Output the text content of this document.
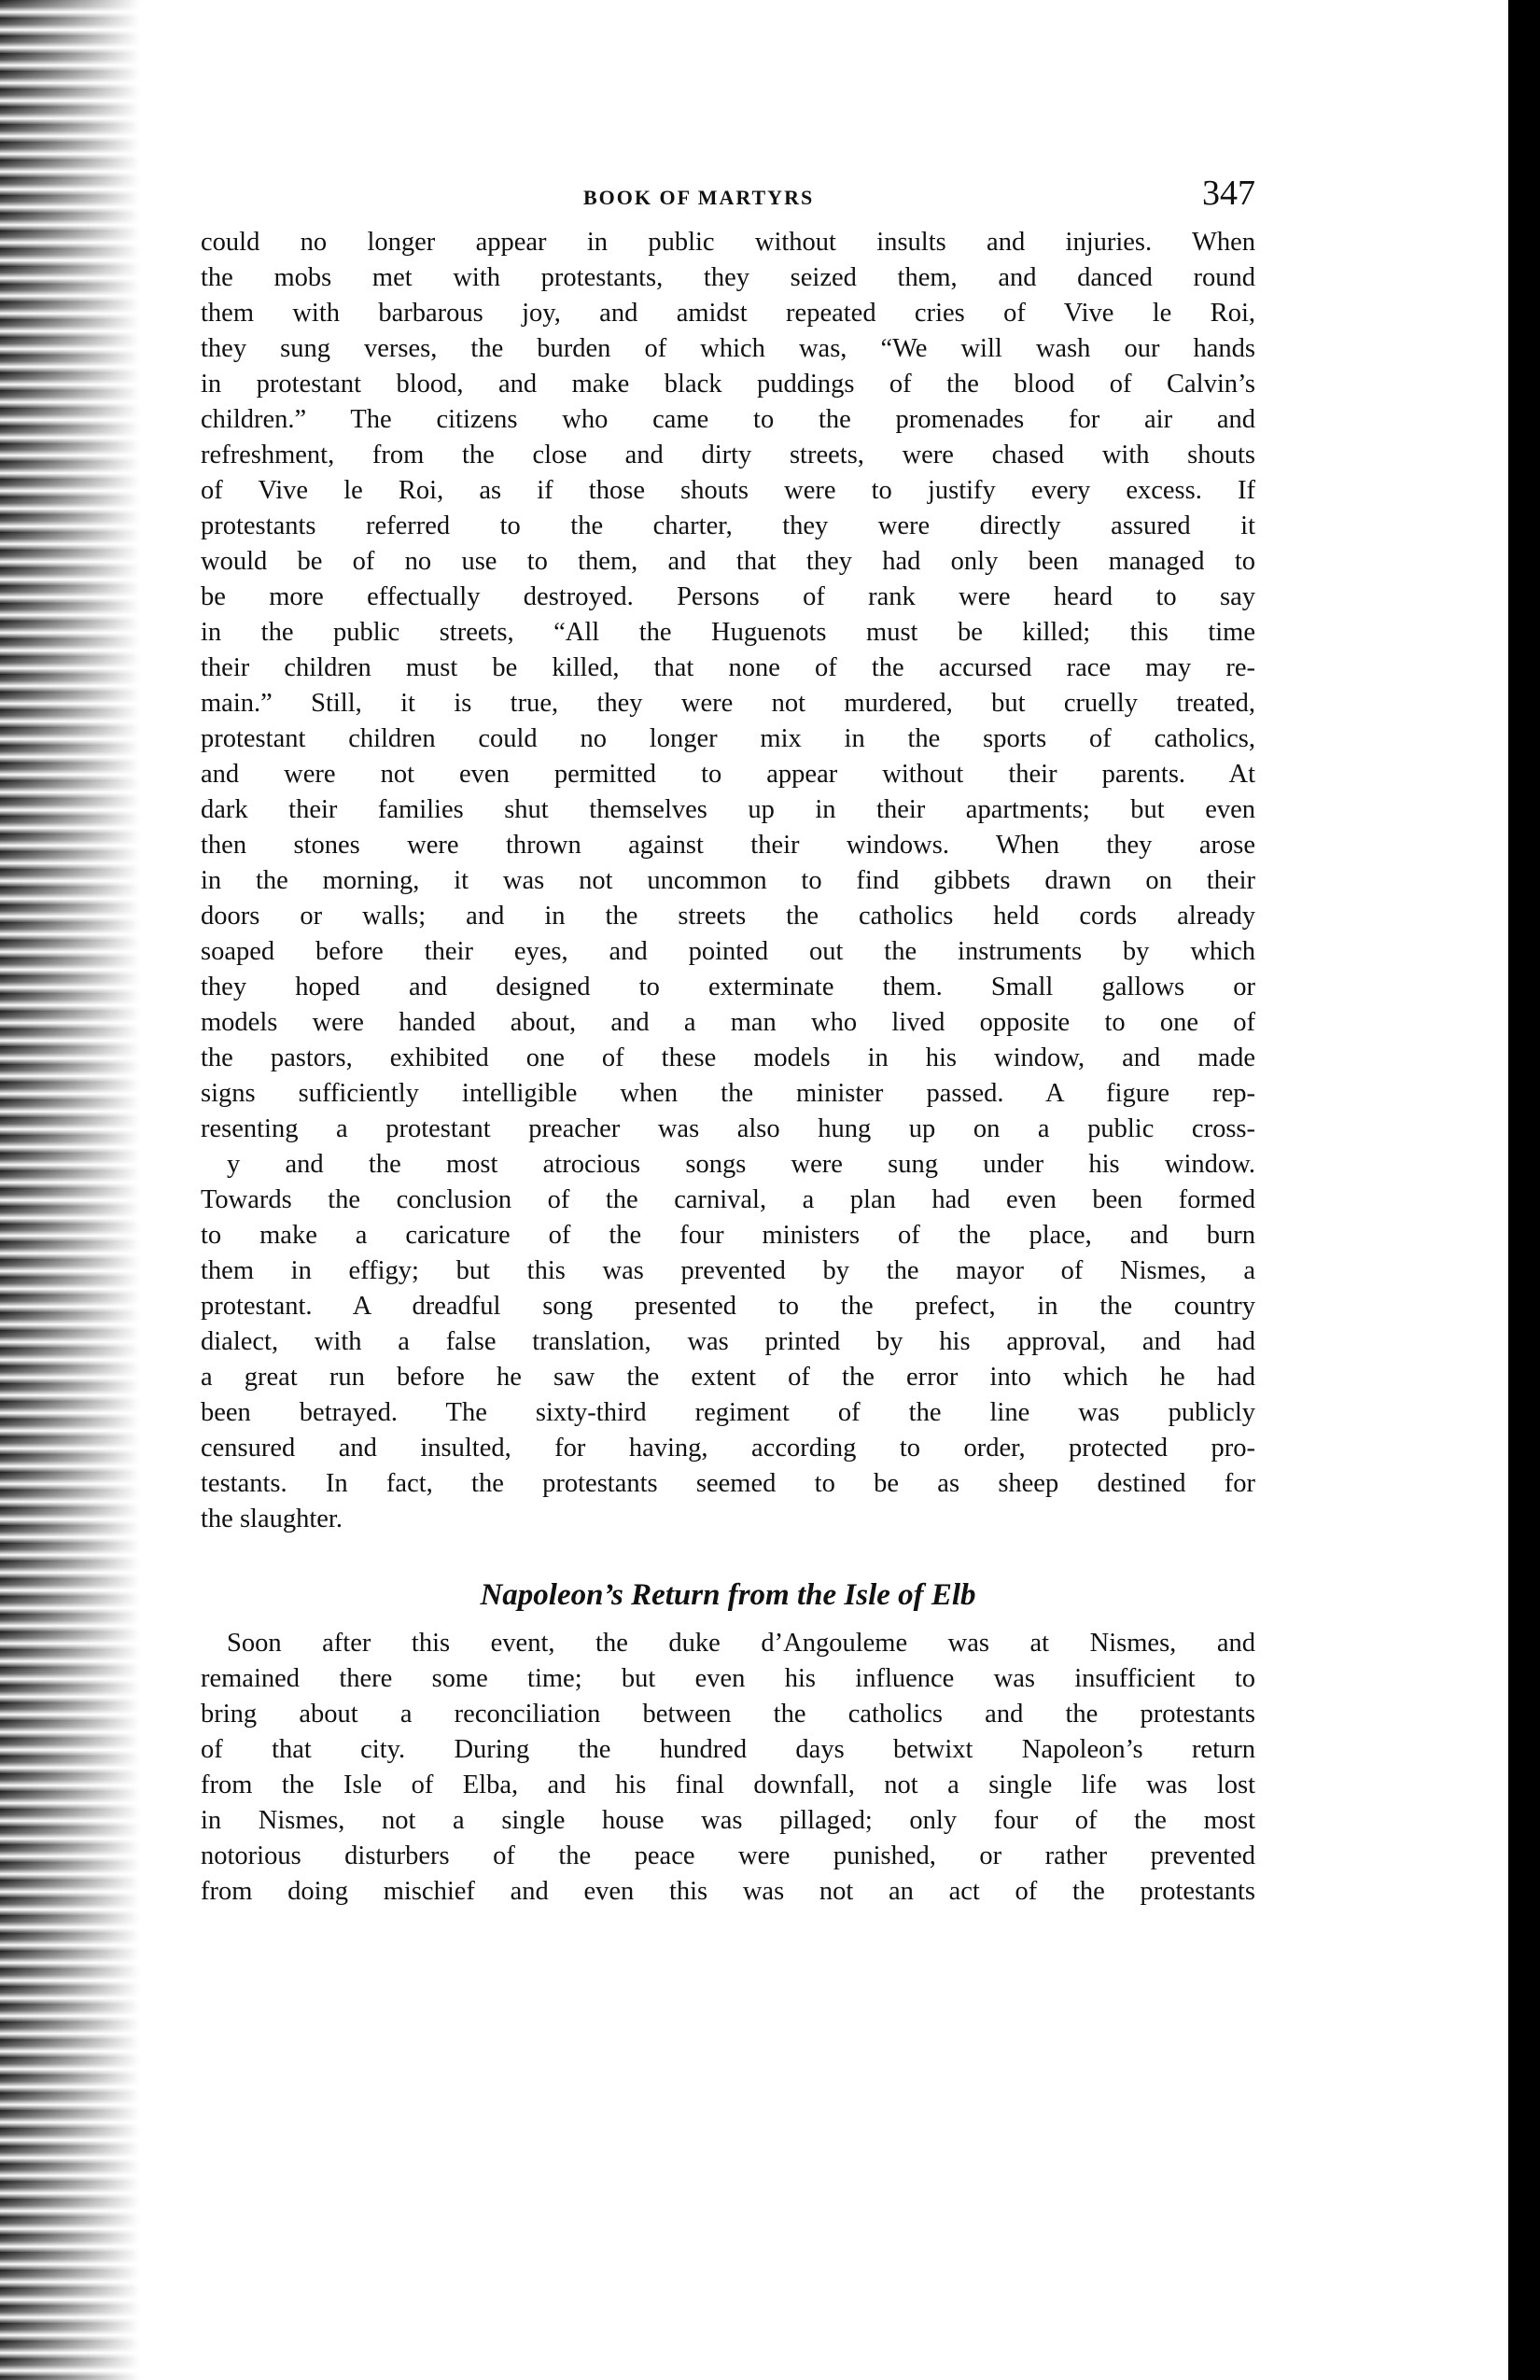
BOOK OF MARTYRS	347
could no longer appear in public without insults and injuries. When
the mobs met with protestants, they seized them, and danced round
them with barbarous joy, and amidst repeated cries of Vive le Roi,
they sung verses, the burden of which was, “We will wash our hands
in protestant blood, and make black puddings of the blood of Calvin’s
children.” The citizens who came to the promenades for air and
refreshment, from the close and dirty streets, were chased with shouts
of Vive le Roi, as if those shouts were to justify every excess. If
protestants referred to the charter, they were directly assured it
would be of no use to them, and that they had only been managed to
be more effectually destroyed. Persons of rank were heard to say
in the public streets, “All the Huguenots must be killed; this time
their children must be killed, that none of the accursed race may re-
main.” Still, it is true, they were not murdered, but cruelly treated,
protestant children could no longer mix in the sports of catholics,
and were not even permitted to appear without their parents. At
dark their families shut themselves up in their apartments; but even
then stones were thrown against their windows. When they arose
in the morning, it was not uncommon to find gibbets drawn on their
doors or walls; and in the streets the catholics held cords already
soaped before their eyes, and pointed out the instruments by which
they hoped and designed to exterminate them. Small gallows or
models were handed about, and a man who lived opposite to one of
the pastors, exhibited one of these models in his window, and made
signs sufficiently intelligible when the minister passed. A figure rep-
resenting a protestant preacher was also hung up on a public cross-
y and the most atrocious songs were sung under his window.
Towards the conclusion of the carnival, a plan had even been formed
to make a caricature of the four ministers of the place, and burn
them in effigy; but this was prevented by the mayor of Nismes, a
protestant. A dreadful song presented to the prefect, in the country
dialect, with a false translation, was printed by his approval, and had
a great run before he saw the extent of the error into which he had
been betrayed. The sixty-third regiment of the line was publicly
censured and insulted, for having, according to order, protected pro-
testants. In fact, the protestants seemed to be as sheep destined for
the slaughter.
Napoleon’s Return from the Isle of Elb
Soon after this event, the duke d’Angouleme was at Nismes, and
remained there some time; but even his influence was insufficient to
bring about a reconciliation between the catholics and the protestants
of that city. During the hundred days betwixt Napoleon’s return
from the Isle of Elba, and his final downfall, not a single life was lost
in Nismes, not a single house was pillaged; only four of the most
notorious disturbers of the peace were punished, or rather prevented
from doing mischief and even this was not an act of the protestants
